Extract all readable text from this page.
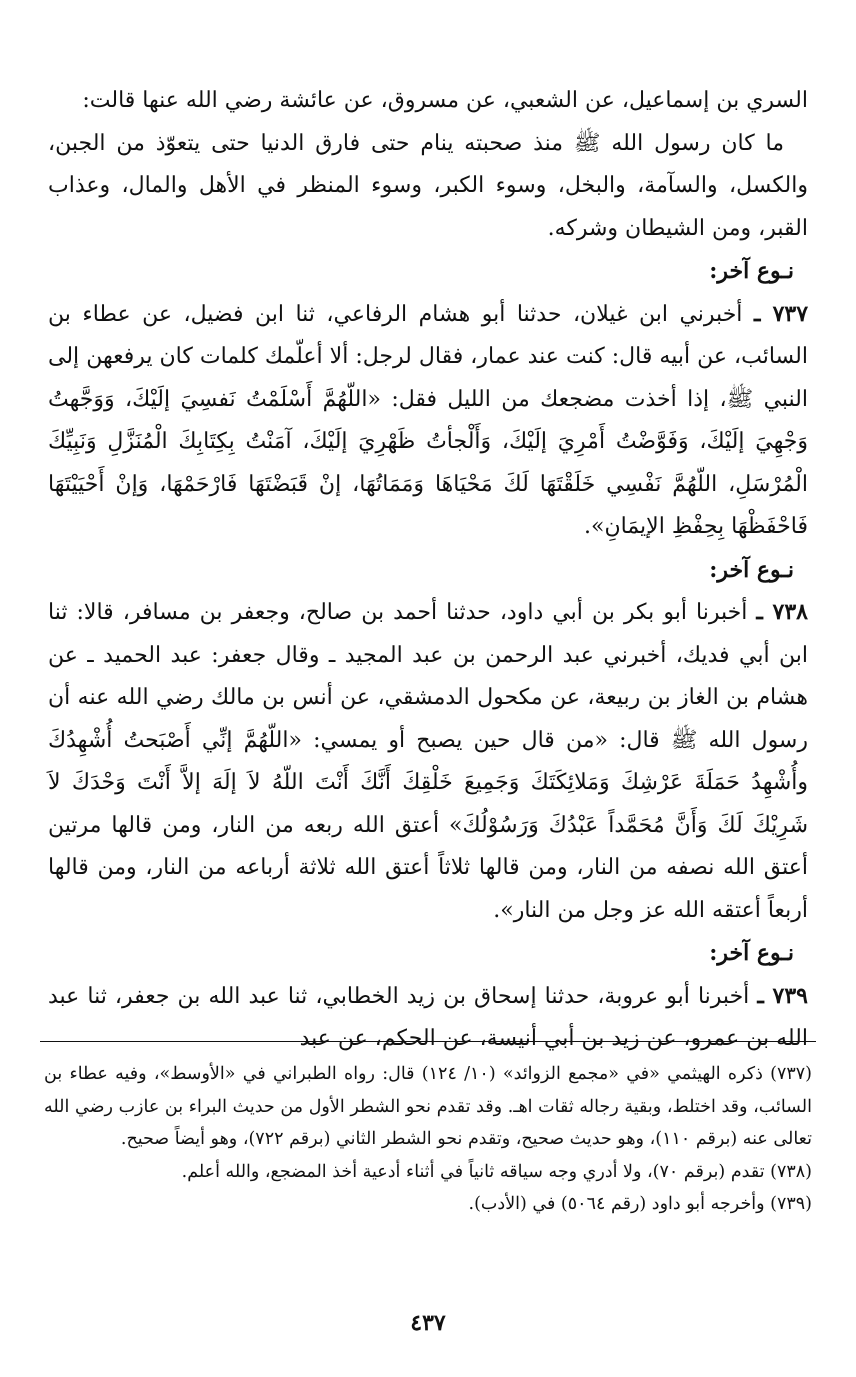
السري بن إسماعيل، عن الشعبي، عن مسروق، عن عائشة رضي الله عنها قالت:

ما كان رسول الله ﷺ منذ صحبته ينام حتى فارق الدنيا حتى يتعوّذ من الجبن، والكسل، والسآمة، والبخل، وسوء الكبر، وسوء المنظر في الأهل والمال، وعذاب القبر، ومن الشيطان وشركه.

نـوع آخر:

٧٣٧ ـ أخبرني ابن غيلان، حدثنا أبو هشام الرفاعي، ثنا ابن فضيل، عن عطاء بن السائب، عن أبيه قال: كنت عند عمار، فقال لرجل: ألا أعلّمك كلمات كان يرفعهن إلى النبي ﷺ، إذا أخذت مضجعك من الليل فقل: «اللّهُمَّ أَسْلَمْتُ نَفسِيَ إلَيْكَ، وَوَجَّهتُ وَجْهِيَ إلَيْكَ، وَفَوَّضْتُ أَمْرِيَ إلَيْكَ، وَأَلْجأتُ ظَهْرِيَ إلَيْكَ، آمَنْتُ بِكِتَابِكَ الْمُنَزَّلِ وَنَبِيِّكَ الْمُرْسَلِ، اللّهُمَّ نَفْسِي خَلَقْتَهَا لَكَ مَحْيَاهَا وَمَمَاتُهَا، إنْ قَبَضْتَهَا فَارْحَمْهَا، وَإنْ أَحْيَيْتَهَا فَاحْفَظْهَا بِحِفْظِ الإيمَانِ».

نـوع آخر:

٧٣٨ ـ أخبرنا أبو بكر بن أبي داود، حدثنا أحمد بن صالح، وجعفر بن مسافر، قالا: ثنا ابن أبي فديك، أخبرني عبد الرحمن بن عبد المجيد ـ وقال جعفر: عبد الحميد ـ عن هشام بن الغاز بن ربيعة، عن مكحول الدمشقي، عن أنس بن مالك رضي الله عنه أن رسول الله ﷺ قال: «من قال حين يصبح أو يمسي: «اللّهُمَّ إنِّي أَصْبَحتُ أُشْهِدُكَ وأُشْهِدُ حَمَلَةَ عَرْشِكَ وَمَلائِكَتَكَ وَجَمِيعَ خَلْقِكَ أَنَّكَ أَنْتَ اللّهُ لاَ إلَهَ إلاَّ أَنْتَ وَحْدَكَ لاَ شَرِيْكَ لَكَ وَأَنَّ مُحَمَّداً عَبْدُكَ وَرَسُوْلُكَ» أعتق الله ربعه من النار، ومن قالها مرتين أعتق الله نصفه من النار، ومن قالها ثلاثاً أعتق الله ثلاثة أرباعه من النار، ومن قالها أربعاً أعتقه الله عز وجل من النار».

نـوع آخر:

٧٣٩ ـ أخبرنا أبو عروبة، حدثنا إسحاق بن زيد الخطابي، ثنا عبد الله بن جعفر، ثنا عبد الله بن عمرو، عن زيد بن أبي أنيسة، عن الحكم، عن عبد

(٧٣٧) ذكره الهيثمي «في «مجمع الزوائد» (١٠/ ١٢٤) قال: رواه الطبراني في «الأوسط»، وفيه عطاء بن السائب، وقد اختلط، وبقية رجاله ثقات اهـ. وقد تقدم نحو الشطر الأول من حديث البراء بن عازب رضي الله تعالى عنه (برقم ١١٠)، وهو حديث صحيح، وتقدم نحو الشطر الثاني (برقم ٧٢٢)، وهو أيضاً صحيح.

(٧٣٨) تقدم (برقم ٧٠)، ولا أدري وجه سياقه ثانياً في أثناء أدعية أخذ المضجع، والله أعلم.

(٧٣٩) وأخرجه أبو داود (رقم ٥٠٦٤) في (الأدب).

٤٣٧
